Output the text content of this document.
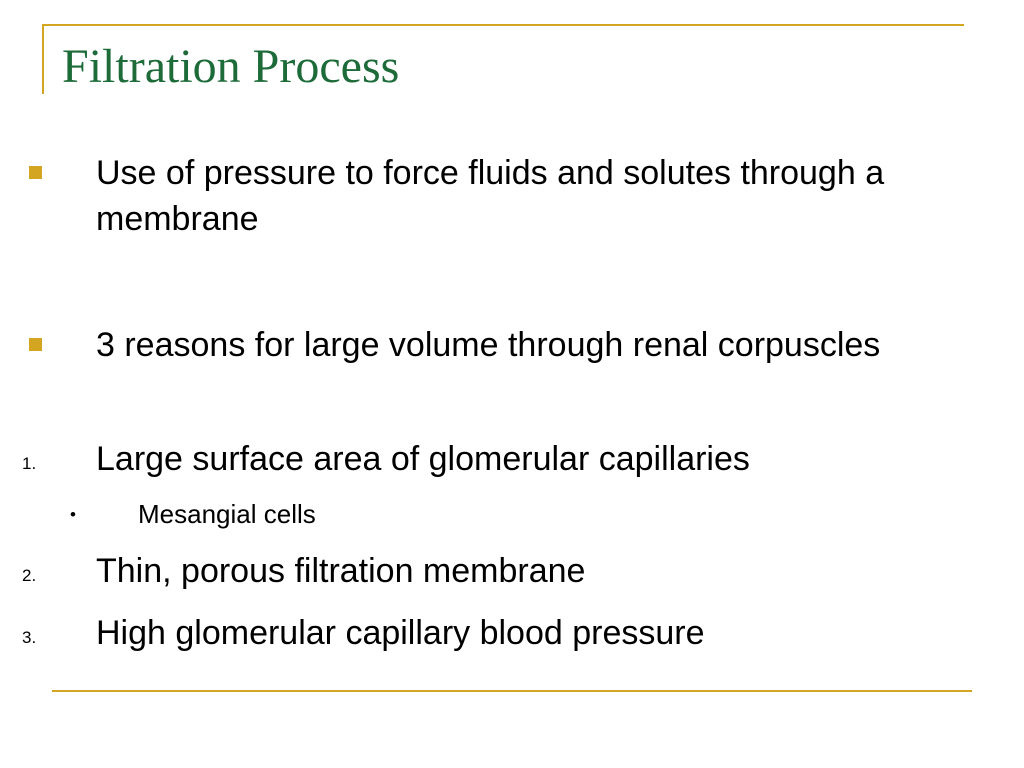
Filtration Process
Use of pressure to force fluids and solutes through a membrane
3 reasons for large volume through renal corpuscles
1. Large surface area of glomerular capillaries
• Mesangial cells
2. Thin, porous filtration membrane
3. High glomerular capillary blood pressure
